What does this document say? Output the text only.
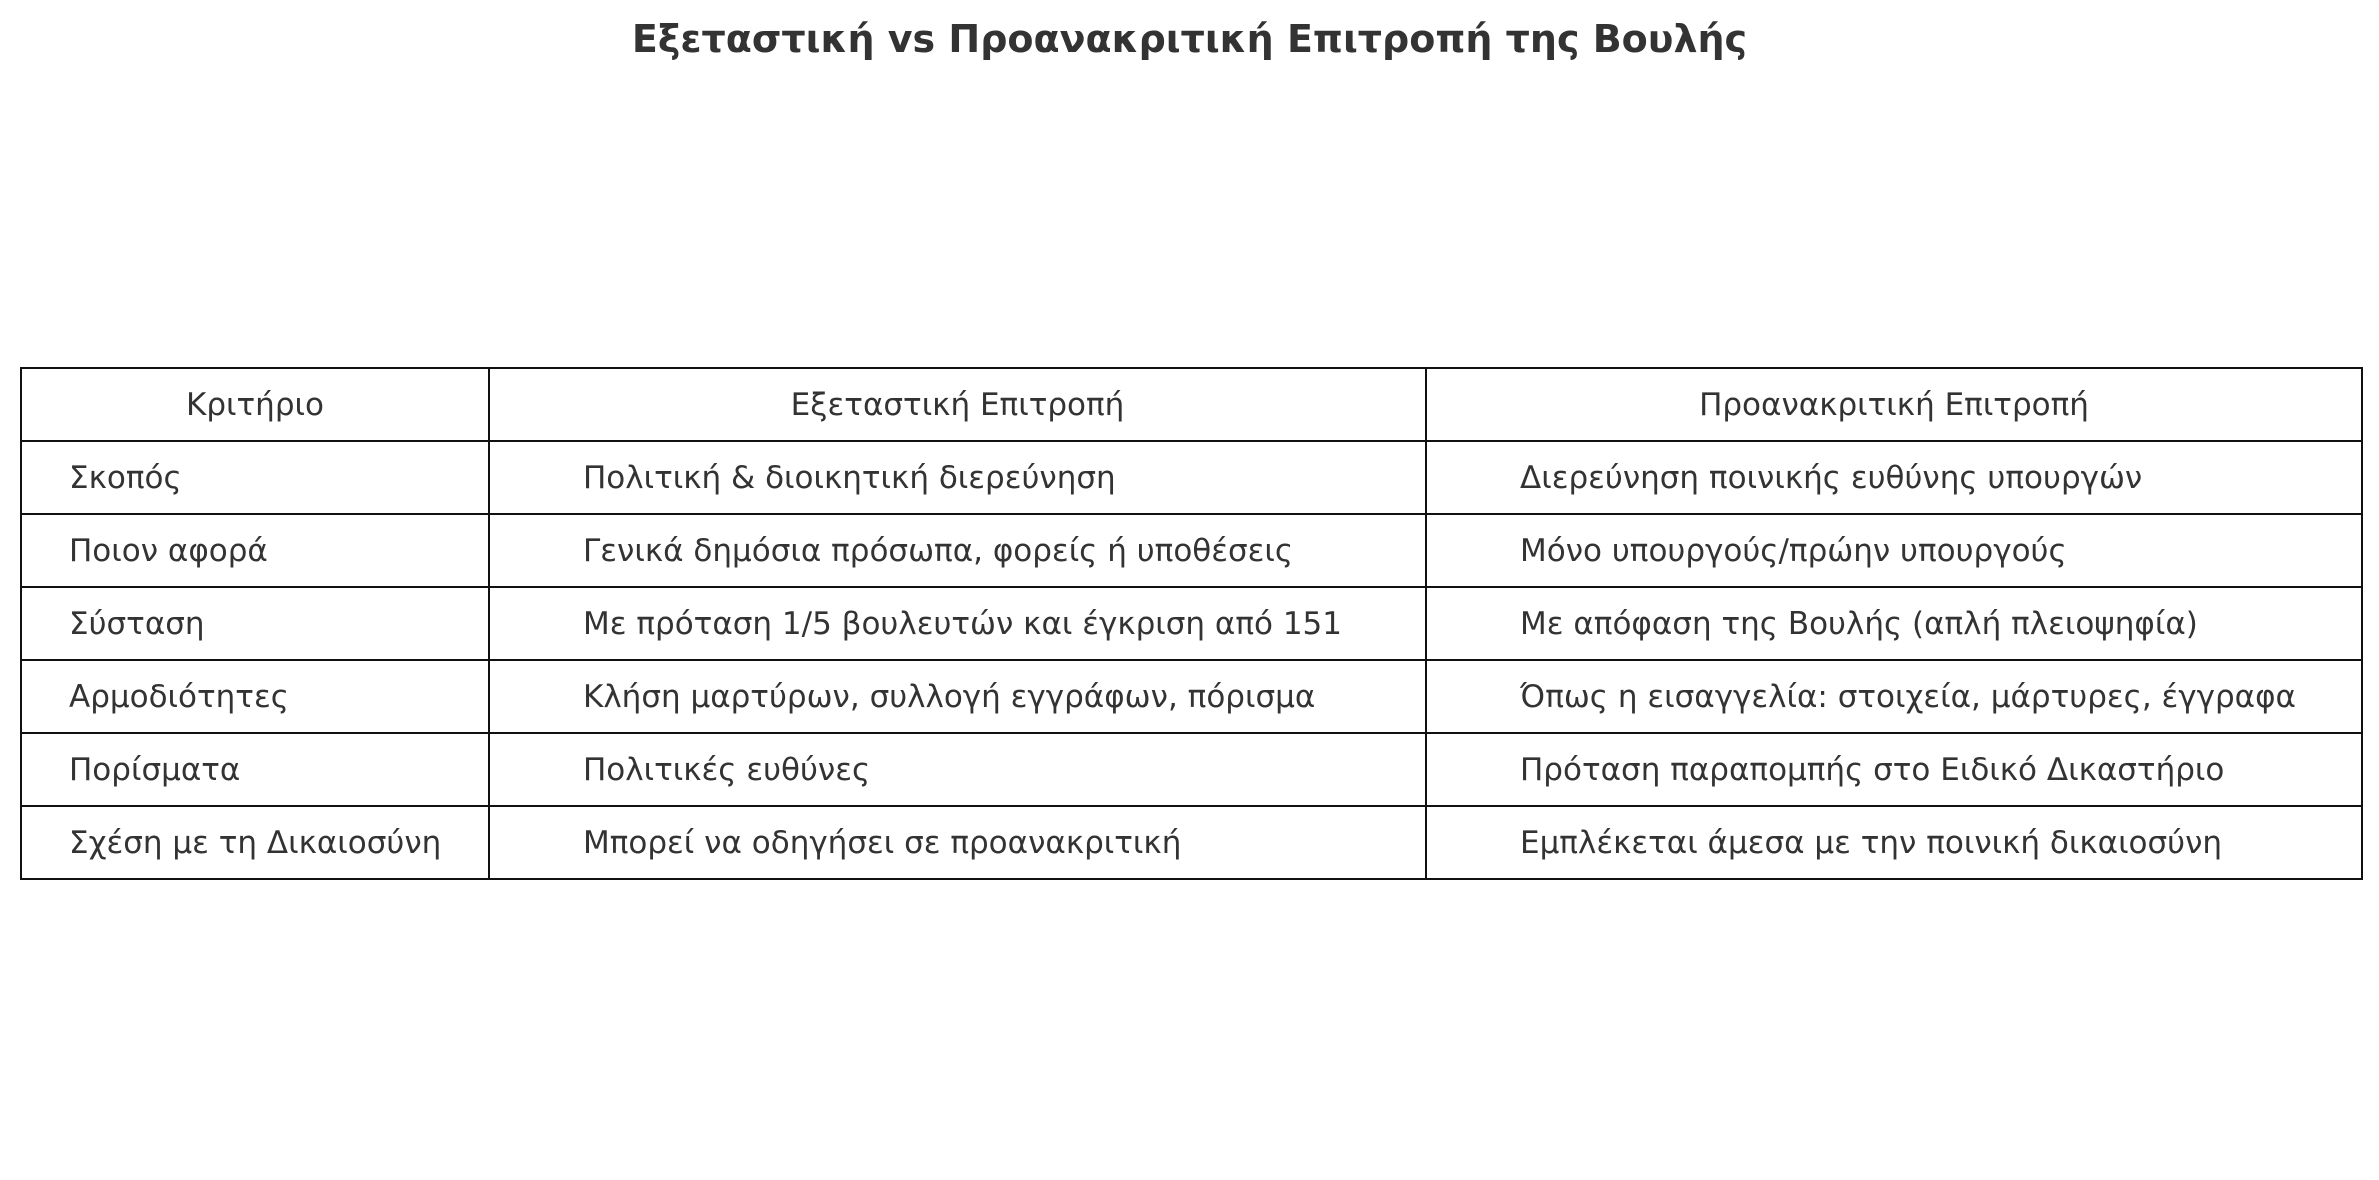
Εξεταστική vs Προανακριτική Επιτροπή της Βουλής
Κριτήριο	Εξεταστική Επιτροπή	Προανακριτική Επιτροπή
Σκοπός	Πολιτική & διοικητική διερεύνηση	Διερεύνηση ποινικής ευθύνης υπουργών
Ποιον αφορά	Γενικά δημόσια πρόσωπα, φορείς ή υποθέσεις	Μόνο υπουργούς/πρώην υπουργούς
Σύσταση	Με πρόταση 1/5 βουλευτών και έγκριση από 151	Με απόφαση της Βουλής (απλή πλειοψηφία)
Αρμοδιότητες	Κλήση μαρτύρων, συλλογή εγγράφων, πόρισμα	Όπως η εισαγγελία: στοιχεία, μάρτυρες, έγγραφα
Πορίσματα	Πολιτικές ευθύνες	Πρόταση παραπομπής στο Ειδικό Δικαστήριο
Σχέση με τη Δικαιοσύνη	Μπορεί να οδηγήσει σε προανακριτική	Εμπλέκεται άμεσα με την ποινική δικαιοσύνη
